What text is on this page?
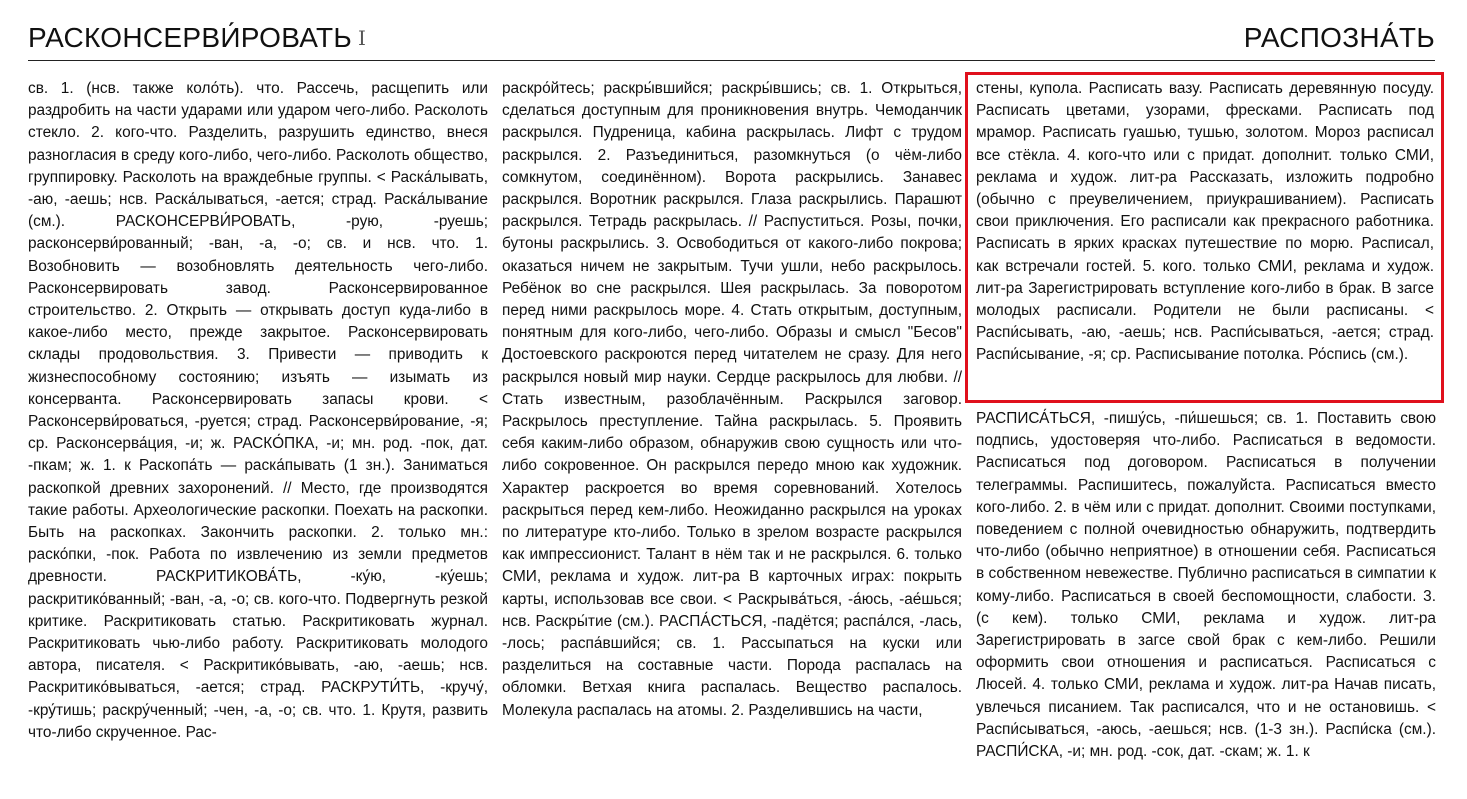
РАСКОНСЕРВИ́РОВАТЬ I	РАСПОЗНА́ТЬ

св. 1. (нсв. также коло́ть). что. Рассечь, расщепить или раздробить на части ударами или ударом чего-либо. Расколоть стекло. 2. кого-что. Разделить, разрушить единство, внеся разногласия в среду кого-либо, чего-либо. Расколоть общество, группировку. Расколоть на враждебные группы. < Раска́лывать, -аю, -аешь; нсв. Раска́лываться, -ается; страд. Раска́лывание (см.). РАСКОНСЕРВИ́РОВАТЬ, -рую, -руешь; расконсерви́рованный; -ван, -а, -о; св. и нсв. что. 1. Возобновить — возобновлять деятельность чего-либо. Расконсервировать завод. Расконсервированное строительство. 2. Открыть — открывать доступ куда-либо в какое-либо место, прежде закрытое. Расконсервировать склады продовольствия. 3. Привести — приводить к жизнеспособному состоянию; изъять — изымать из консерванта. Расконсервировать запасы крови. < Расконсерви́роваться, -руется; страд. Расконсерви́рование, -я; ср. Расконсерва́ция, -и; ж. РАСКО́ПКА, -и; мн. род. -пок, дат. -пкам; ж. 1. к Раскопа́ть — раска́пывать (1 зн.). Заниматься раскопкой древних захоронений. // Место, где производятся такие работы. Археологические раскопки. Поехать на раскопки. Быть на раскопках. Закончить раскопки. 2. только мн.: раско́пки, -пок. Работа по извлечению из земли предметов древности. РАСКРИТИКОВА́ТЬ, -ку́ю, -ку́ешь; раскритико́ванный; -ван, -а, -о; св. кого-что. Подвергнуть резкой критике. Раскритиковать статью. Раскритиковать журнал. Раскритиковать чью-либо работу. Раскритиковать молодого автора, писателя. < Раскритико́вывать, -аю, -аешь; нсв. Раскритико́вываться, -ается; страд. РАСКРУТИ́ТЬ, -кручу́, -кру́тишь; раскру́ченный; -чен, -а, -о; св. что. 1. Крутя, развить что-либо скрученное. Рас-

раскро́йтесь; раскры́вшийся; раскры́вшись; св. 1. Открыться, сделаться доступным для проникновения внутрь. Чемоданчик раскрылся. Пудреница, кабина раскрылась. Лифт с трудом раскрылся. 2. Разъединиться, разомкнуться (о чём-либо сомкнутом, соединённом). Ворота раскрылись. Занавес раскрылся. Воротник раскрылся. Глаза раскрылись. Парашют раскрылся. Тетрадь раскрылась. // Распуститься. Розы, почки, бутоны раскрылись. 3. Освободиться от какого-либо покрова; оказаться ничем не закрытым. Тучи ушли, небо раскрылось. Ребёнок во сне раскрылся. Шея раскрылась. За поворотом перед ними раскрылось море. 4. Стать открытым, доступным, понятным для кого-либо, чего-либо. Образы и смысл "Бесов" Достоевского раскроются перед читателем не сразу. Для него раскрылся новый мир науки. Сердце раскрылось для любви. // Стать известным, разоблачённым. Раскрылся заговор. Раскрылось преступление. Тайна раскрылась. 5. Проявить себя каким-либо образом, обнаружив свою сущность или что-либо сокровенное. Он раскрылся передо мною как художник. Характер раскроется во время соревнований. Хотелось раскрыться перед кем-либо. Неожиданно раскрылся на уроках по литературе кто-либо. Только в зрелом возрасте раскрылся как импрессионист. Талант в нём так и не раскрылся. 6. только СМИ, реклама и худож. лит-ра В карточных играх: покрыть карты, использовав все свои. < Раскрыва́ться, -а́юсь, -ае́шься; нсв. Раскры́тие (см.). РАСПА́СТЬСЯ, -падётся; распа́лся, -лась, -лось; распа́вшийся; св. 1. Рассыпаться на куски или разделиться на составные части. Порода распалась на обломки. Ветхая книга распалась. Вещество распалось. Молекула распалась на атомы. 2. Разделившись на части,

стены, купола. Расписать вазу. Расписать деревянную посуду. Расписать цветами, узорами, фресками. Расписать под мрамор. Расписать гуашью, тушью, золотом. Мороз расписал все стёкла. 4. кого-что или с придат. дополнит. только СМИ, реклама и худож. лит-ра Рассказать, изложить подробно (обычно с преувеличением, приукрашиванием). Расписать свои приключения. Его расписали как прекрасного работника. Расписать в ярких красках путешествие по морю. Расписал, как встречали гостей. 5. кого. только СМИ, реклама и худож. лит-ра Зарегистрировать вступление кого-либо в брак. В загсе молодых расписали. Родители не были расписаны. < Распи́сывать, -аю, -аешь; нсв. Распи́сываться, -ается; страд. Распи́сывание, -я; ср. Расписывание потолка. Ро́спись (см.).

РАСПИСА́ТЬСЯ, -пишу́сь, -пи́шешься; св. 1. Поставить свою подпись, удостоверяя что-либо. Расписаться в ведомости. Расписаться под договором. Расписаться в получении телеграммы. Распишитесь, пожалуйста. Расписаться вместо кого-либо. 2. в чём или с придат. дополнит. Своими поступками, поведением с полной очевидностью обнаружить, подтвердить что-либо (обычно неприятное) в отношении себя. Расписаться в собственном невежестве. Публично расписаться в симпатии к кому-либо. Расписаться в своей беспомощности, слабости. 3. (с кем). только СМИ, реклама и худож. лит-ра Зарегистрировать в загсе свой брак с кем-либо. Решили оформить свои отношения и расписаться. Расписаться с Люсей. 4. только СМИ, реклама и худож. лит-ра Начав писать, увлечься писанием. Так расписался, что и не остановишь. < Распи́сываться, -аюсь, -аешься; нсв. (1-3 зн.). Распи́ска (см.). РАСПИ́СКА, -и; мн. род. -сок, дат. -скам; ж. 1. к
